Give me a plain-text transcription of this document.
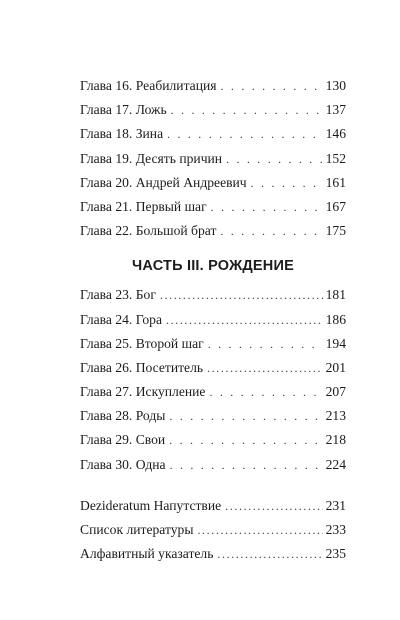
Глава 16. Реабилитация . . .	130
Глава 17. Ложь . . .	137
Глава 18. Зина . . .	146
Глава 19. Десять причин . . .	152
Глава 20. Андрей Андреевич . . .	161
Глава 21. Первый шаг . . .	167
Глава 22. Большой брат . . .	175
ЧАСТЬ III. РОЖДЕНИЕ
Глава 23. Бог .....	181
Глава 24. Гора .....	186
Глава 25. Второй шаг . . .	194
Глава 26. Посетитель .....	201
Глава 27. Искупление . . .	207
Глава 28. Роды . . .	213
Глава 29. Свои . . .	218
Глава 30. Одна . . .	224
Deziderаtum Напутствие .....	231
Список литературы .....	233
Алфавитный указатель .....	235
